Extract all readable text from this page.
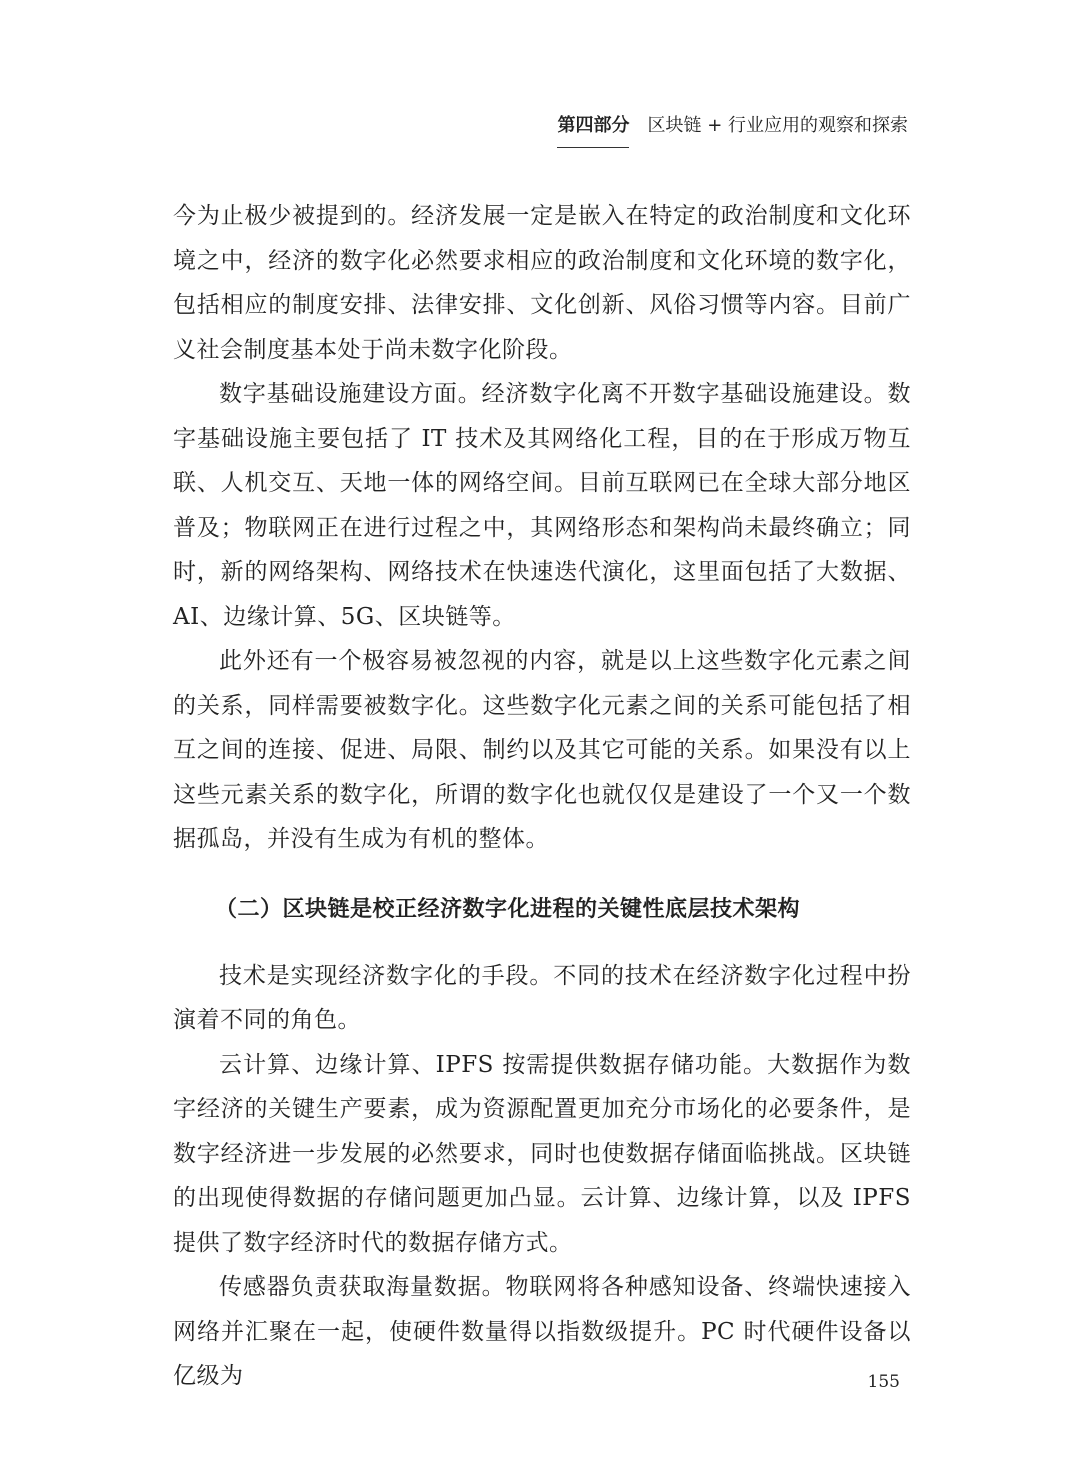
第四部分 区块链 + 行业应用的观察和探索

今为止极少被提到的。经济发展一定是嵌入在特定的政治制度和文化环境之中，经济的数字化必然要求相应的政治制度和文化环境的数字化，包括相应的制度安排、法律安排、文化创新、风俗习惯等内容。目前广义社会制度基本处于尚未数字化阶段。

数字基础设施建设方面。经济数字化离不开数字基础设施建设。数字基础设施主要包括了 IT 技术及其网络化工程，目的在于形成万物互联、人机交互、天地一体的网络空间。目前互联网已在全球大部分地区普及；物联网正在进行过程之中，其网络形态和架构尚未最终确立；同时，新的网络架构、网络技术在快速迭代演化，这里面包括了大数据、AI、边缘计算、5G、区块链等。

此外还有一个极容易被忽视的内容，就是以上这些数字化元素之间的关系，同样需要被数字化。这些数字化元素之间的关系可能包括了相互之间的连接、促进、局限、制约以及其它可能的关系。如果没有以上这些元素关系的数字化，所谓的数字化也就仅仅是建设了一个又一个数据孤岛，并没有生成为有机的整体。

（二）区块链是校正经济数字化进程的关键性底层技术架构

技术是实现经济数字化的手段。不同的技术在经济数字化过程中扮演着不同的角色。

云计算、边缘计算、IPFS 按需提供数据存储功能。大数据作为数字经济的关键生产要素，成为资源配置更加充分市场化的必要条件，是数字经济进一步发展的必然要求，同时也使数据存储面临挑战。区块链的出现使得数据的存储问题更加凸显。云计算、边缘计算，以及 IPFS 提供了数字经济时代的数据存储方式。

传感器负责获取海量数据。物联网将各种感知设备、终端快速接入网络并汇聚在一起，使硬件数量得以指数级提升。PC 时代硬件设备以亿级为	155
